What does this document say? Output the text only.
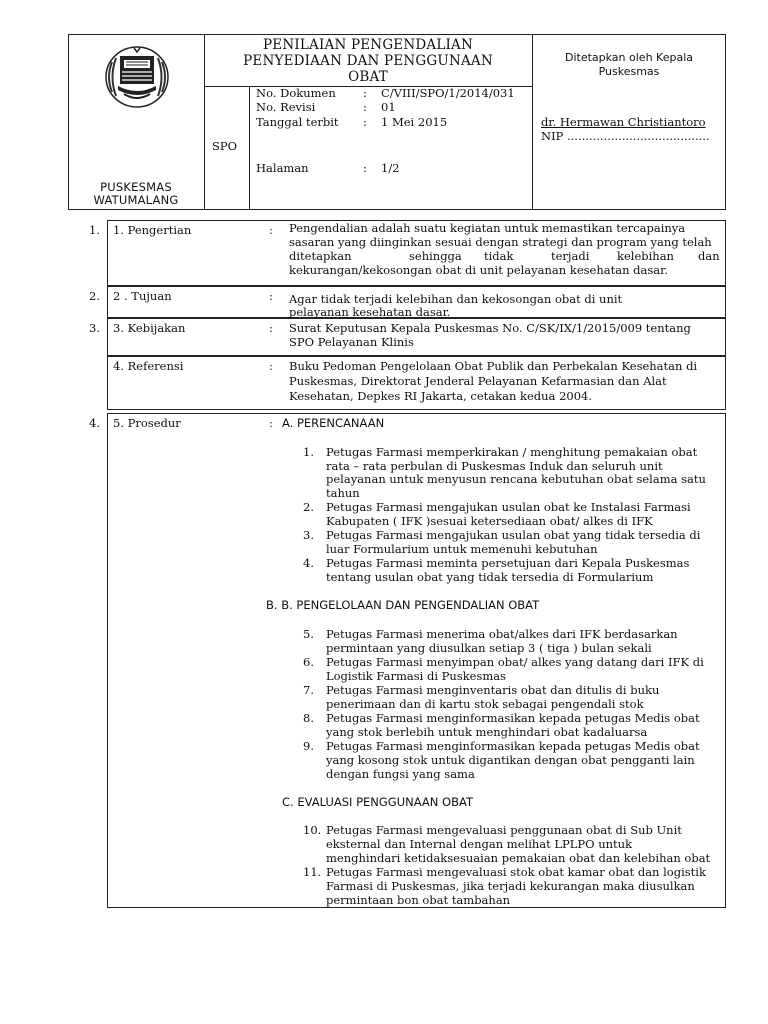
PUSKESMAS
WATUMALANG
PENILAIAN PENGENDALIAN
PENYEDIAAN DAN PENGGUNAAN
OBAT
SPO
No. Dokumen : C/VIII/SPO/1/2014/031
No. Revisi	: 01
Tanggal terbit : 1 Mei 2015
Halaman	: 1/2
Ditetapkan oleh Kepala
Puskesmas
dr. Hermawan Christiantoro
NIP .......................................
1. 1. Pengertian	: Pengendalian adalah suatu kegiatan untuk memastikan tercapainya
sasaran yang diinginkan sesuai dengan strategi dan program yang telah
ditetapkan	sehingga tidak	terjadi kelebihan dan
kekurangan/kekosongan obat di unit pelayanan kesehatan dasar.
2. 2 . Tujuan	: Agar tidak terjadi kelebihan dan kekosongan obat di unit
pelayanan kesehatan dasar.
3. 3. Kebijakan	: Surat Keputusan Kepala Puskesmas No. C/SK/IX/1/2015/009 tentang
SPO Pelayanan Klinis
4. Referensi	: Buku Pedoman Pengelolaan Obat Publik dan Perbekalan Kesehatan di
Puskesmas, Direktorat Jenderal Pelayanan Kefarmasian dan Alat
Kesehatan, Depkes RI Jakarta, cetakan kedua 2004.
4. 5. Prosedur	: A. PERENCANAAN
1. Petugas Farmasi memperkirakan / menghitung pemakaian obat
rata – rata perbulan di Puskesmas Induk dan seluruh unit
pelayanan untuk menyusun rencana kebutuhan obat selama satu
tahun
2. Petugas Farmasi mengajukan usulan obat ke Instalasi Farmasi
Kabupaten ( IFK )sesuai ketersediaan obat/ alkes di IFK
3. Petugas Farmasi mengajukan usulan obat yang tidak tersedia di
luar Formularium untuk memenuhi kebutuhan
4. Petugas Farmasi meminta persetujuan dari Kepala Puskesmas
tentang usulan obat yang tidak tersedia di Formularium
B. B. PENGELOLAAN DAN PENGENDALIAN OBAT
5. Petugas Farmasi menerima obat/alkes dari IFK berdasarkan
permintaan yang diusulkan setiap 3 ( tiga ) bulan sekali
6. Petugas Farmasi menyimpan obat/ alkes yang datang dari IFK di
Logistik Farmasi di Puskesmas
7. Petugas Farmasi menginventaris obat dan ditulis di buku
penerimaan dan di kartu stok sebagai pengendali stok
8. Petugas Farmasi menginformasikan kepada petugas Medis obat
yang stok berlebih untuk menghindari obat kadaluarsa
9. Petugas Farmasi menginformasikan kepada petugas Medis obat
yang kosong stok untuk digantikan dengan obat pengganti lain
dengan fungsi yang sama
C. EVALUASI PENGGUNAAN OBAT
10. Petugas Farmasi mengevaluasi penggunaan obat di Sub Unit
eksternal dan Internal dengan melihat LPLPO untuk
menghindari ketidaksesuaian pemakaian obat dan kelebihan obat
11. Petugas Farmasi mengevaluasi stok obat kamar obat dan logistik
Farmasi di Puskesmas, jika terjadi kekurangan maka diusulkan
permintaan bon obat tambahan
